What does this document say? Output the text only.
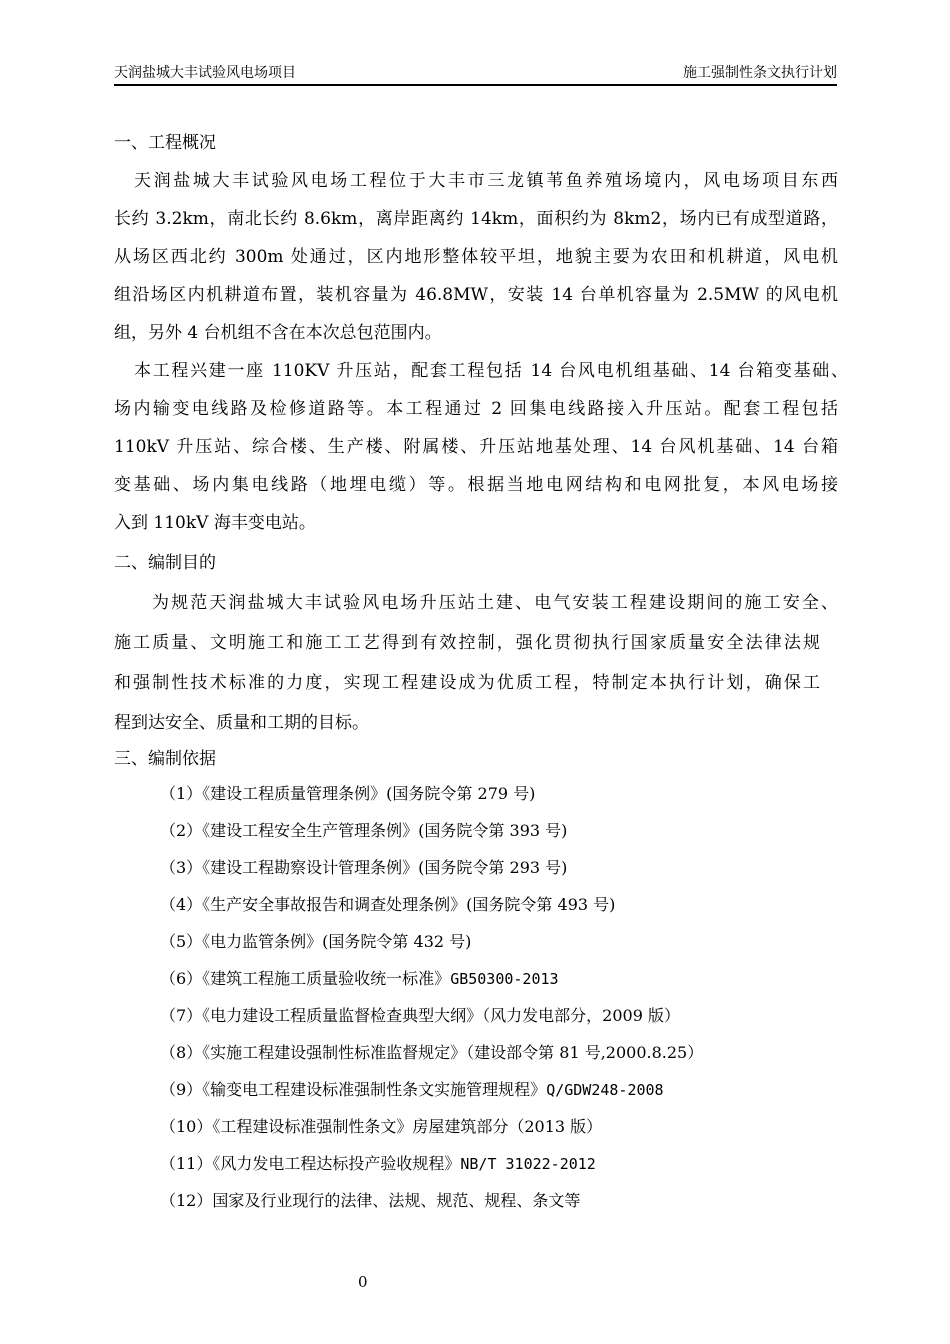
天润盐城大丰试验风电场项目	施工强制性条文执行计划
一、工程概况
天润盐城大丰试验风电场工程位于大丰市三龙镇苇鱼养殖场境内，风电场项目东西
长约 3.2km，南北长约 8.6km，离岸距离约 14km，面积约为 8km2，场内已有成型道路，
从场区西北约 300m 处通过，区内地形整体较平坦，地貌主要为农田和机耕道，风电机
组沿场区内机耕道布置，装机容量为 46.8MW，安装 14 台单机容量为 2.5MW 的风电机
组，另外 4 台机组不含在本次总包范围内。
本工程兴建一座 110KV 升压站，配套工程包括 14 台风电机组基础、14 台箱变基础、
场内输变电线路及检修道路等。本工程通过 2 回集电线路接入升压站。配套工程包括
110kV 升压站、综合楼、生产楼、附属楼、升压站地基处理、14 台风机基础、14 台箱
变基础、场内集电线路（地埋电缆）等。根据当地电网结构和电网批复，本风电场接
入到 110kV 海丰变电站。
二、编制目的
为规范天润盐城大丰试验风电场升压站土建、电气安装工程建设期间的施工安全、
施工质量、文明施工和施工工艺得到有效控制，强化贯彻执行国家质量安全法律法规
和强制性技术标准的力度，实现工程建设成为优质工程，特制定本执行计划，确保工
程到达安全、质量和工期的目标。
三、编制依据
（1）《建设工程质量管理条例》(国务院令第 279 号)
（2）《建设工程安全生产管理条例》(国务院令第 393 号)
（3）《建设工程勘察设计管理条例》(国务院令第 293 号)
（4）《生产安全事故报告和调查处理条例》(国务院令第 493 号)
（5）《电力监管条例》(国务院令第 432 号)
（6）《建筑工程施工质量验收统一标准》GB50300-2013
（7）《电力建设工程质量监督检查典型大纲》（风力发电部分，2009 版）
（8）《实施工程建设强制性标准监督规定》（建设部令第 81 号,2000.8.25）
（9）《输变电工程建设标准强制性条文实施管理规程》Q/GDW248-2008
（10）《工程建设标准强制性条文》房屋建筑部分（2013 版）
（11）《风力发电工程达标投产验收规程》NB/T 31022-2012
（12）国家及行业现行的法律、法规、规范、规程、条文等
0
